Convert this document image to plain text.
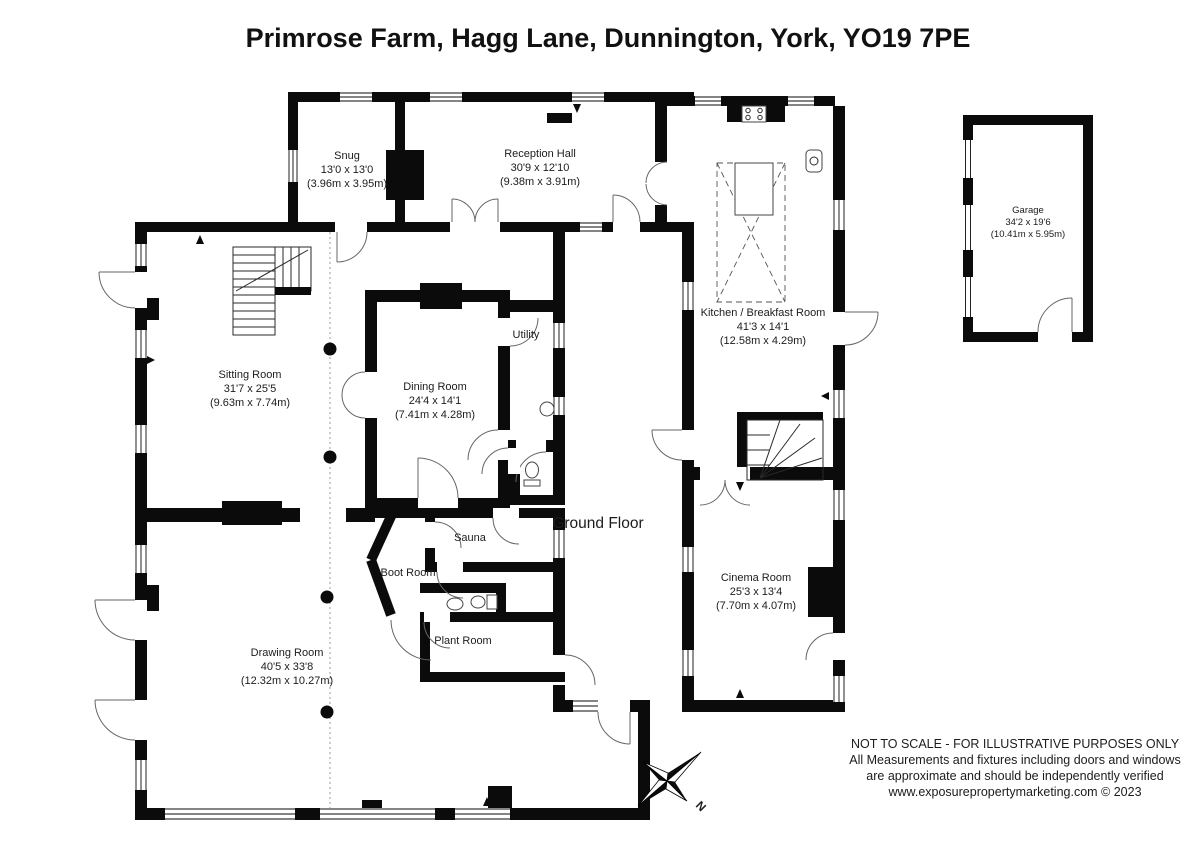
Primrose Farm, Hagg Lane, Dunnington, York, YO19 7PE
Snug
13'0 x 13'0
(3.96m x 3.95m)
Reception Hall
30'9 x 12'10
(9.38m x 3.91m)
Kitchen / Breakfast Room
41'3 x 14'1
(12.58m x 4.29m)
Sitting Room
31'7 x 25'5
(9.63m x 7.74m)
Dining Room
24'4 x 14'1
(7.41m x 4.28m)
Utility
Sauna
Boot Room
Plant Room
Cinema Room
25'3 x 13'4
(7.70m x 4.07m)
Drawing Room
40'5 x 33'8
(12.32m x 10.27m)
Garage
34'2 x 19'6
(10.41m x 5.95m)
Ground Floor
N
NOT TO SCALE - FOR ILLUSTRATIVE PURPOSES ONLY
All Measurements and fixtures including doors and windows
are approximate and should be independently verified
www.exposurepropertymarketing.com © 2023
